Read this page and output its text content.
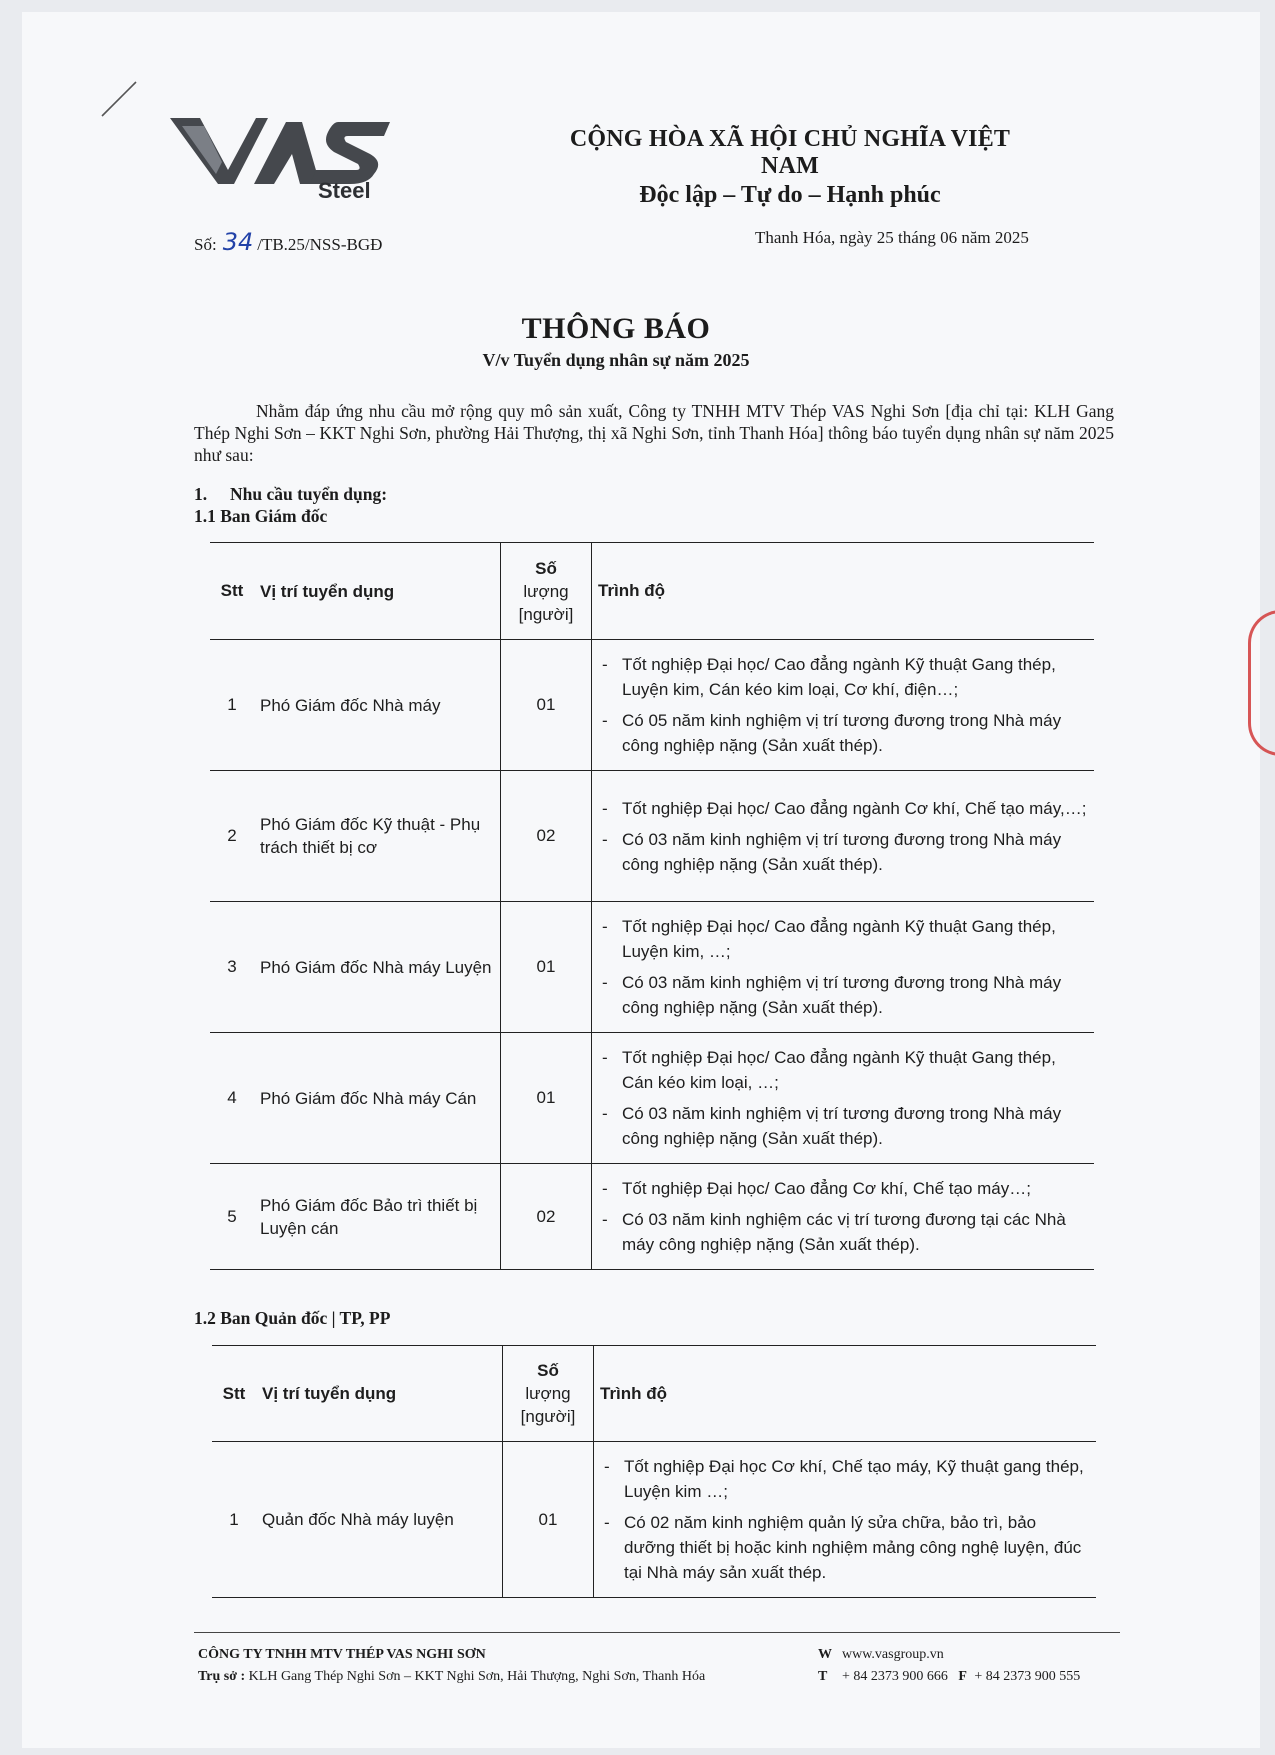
Steel
CỘNG HÒA XÃ HỘI CHỦ NGHĨA VIỆT NAM
Độc lập – Tự do – Hạnh phúc
Số: 34 /TB.25/NSS-BGĐ	Thanh Hóa, ngày 25 tháng 06 năm 2025
THÔNG BÁO
V/v Tuyển dụng nhân sự năm 2025
Nhằm đáp ứng nhu cầu mở rộng quy mô sản xuất, Công ty TNHH MTV Thép VAS Nghi Sơn [địa chỉ tại: KLH Gang Thép Nghi Sơn – KKT Nghi Sơn, phường Hải Thượng, thị xã Nghi Sơn, tỉnh Thanh Hóa] thông báo tuyển dụng nhân sự năm 2025 như sau:
1. Nhu cầu tuyển dụng:
1.1 Ban Giám đốc
Stt	Vị trí tuyển dụng	Số
lượng
[người]	Trình độ
1	Phó Giám đốc Nhà máy	01	- Tốt nghiệp Đại học/ Cao đẳng ngành Kỹ thuật Gang thép, Luyện kim, Cán kéo kim loại, Cơ khí, điện…;
- Có 05 năm kinh nghiệm vị trí tương đương trong Nhà máy công nghiệp nặng (Sản xuất thép).

2	Phó Giám đốc Kỹ thuật - Phụ trách thiết bị cơ	02	- Tốt nghiệp Đại học/ Cao đẳng ngành Cơ khí, Chế tạo máy,…;
- Có 03 năm kinh nghiệm vị trí tương đương trong Nhà máy công nghiệp nặng (Sản xuất thép).

3	Phó Giám đốc Nhà máy Luyện	01	- Tốt nghiệp Đại học/ Cao đẳng ngành Kỹ thuật Gang thép, Luyện kim, …;
- Có 03 năm kinh nghiệm vị trí tương đương trong Nhà máy công nghiệp nặng (Sản xuất thép).

4	Phó Giám đốc Nhà máy Cán	01	- Tốt nghiệp Đại học/ Cao đẳng ngành Kỹ thuật Gang thép, Cán kéo kim loại, …;
- Có 03 năm kinh nghiệm vị trí tương đương trong Nhà máy công nghiệp nặng (Sản xuất thép).

5	Phó Giám đốc Bảo trì thiết bị Luyện cán	02	- Tốt nghiệp Đại học/ Cao đẳng Cơ khí, Chế tạo máy…;
- Có 03 năm kinh nghiệm các vị trí tương đương tại các Nhà máy công nghiệp nặng (Sản xuất thép).
1.2 Ban Quản đốc | TP, PP
Stt	Vị trí tuyển dụng	Số
lượng
[người]	Trình độ
1	Quản đốc Nhà máy luyện	01	- Tốt nghiệp Đại học Cơ khí, Chế tạo máy, Kỹ thuật gang thép, Luyện kim …;
- Có 02 năm kinh nghiệm quản lý sửa chữa, bảo trì, bảo dưỡng thiết bị hoặc kinh nghiệm mảng công nghệ luyện, đúc tại Nhà máy sản xuất thép.
CÔNG TY TNHH MTV THÉP VAS NGHI SƠN
Trụ sở : KLH Gang Thép Nghi Sơn – KKT Nghi Sơn, Hải Thượng, Nghi Sơn, Thanh Hóa
W www.vasgroup.vn
T + 84 2373 900 666 F + 84 2373 900 555
